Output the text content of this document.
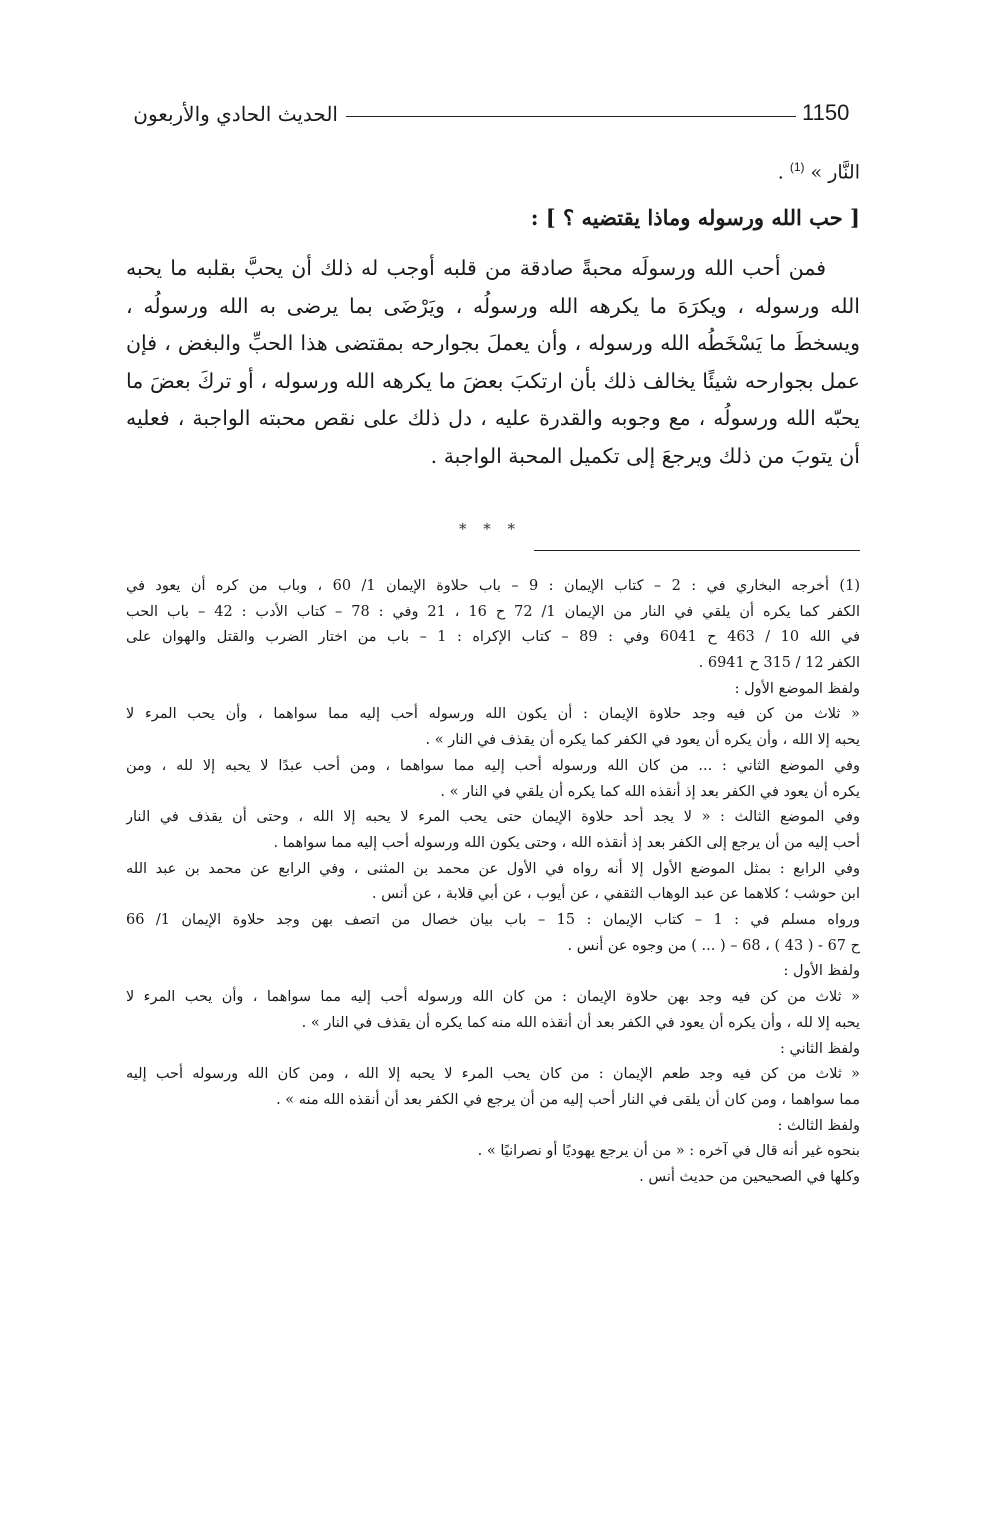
1150
الحديث الحادي والأربعون
النَّار » $^{(1)}$ .
[ حب الله ورسوله وماذا يقتضيه ؟ ] :

فمن أحب الله ورسولَه محبةً صادقة من قلبه أوجب له ذلك أن يحبَّ بقلبه ما يحبه الله ورسوله ، ويكرَهَ ما يكرهه الله ورسولُه ، ويَرْضَى بما يرضى به الله ورسولُه ، ويسخطَ ما يَسْخَطُه الله ورسوله ، وأن يعملَ بجوارحه بمقتضى هذا الحبِّ والبغض ، فإن عمل بجوارحه شيئًا يخالف ذلك بأن ارتكبَ بعضَ ما يكرهه الله ورسوله ، أو تركَ بعضَ ما يحبّه الله ورسولُه ، مع وجوبه والقدرة عليه ، دل ذلك على نقص محبته الواجبة ، فعليه أن يتوبَ من ذلك ويرجعَ إلى تكميل المحبة الواجبة .

* * *
(1) أخرجه البخاري في : 2 – كتاب الإيمان : 9 – باب حلاوة الإيمان 1/ 60 ، وباب من كره أن يعود في
الكفر كما يكره أن يلقي في النار من الإيمان 1/ 72 ح 16 ، 21 وفي : 78 – كتاب الأدب : 42 – باب الحب
في الله 10 / 463 ح 6041 وفي : 89 – كتاب الإكراه : 1 – باب من اختار الضرب والقتل والهوان على
الكفر 12 / 315 ح 6941 .
ولفظ الموضع الأول :
« ثلاث من كن فيه وجد حلاوة الإيمان : أن يكون الله ورسوله أحب إليه مما سواهما ، وأن يحب المرء لا
يحبه إلا الله ، وأن يكره أن يعود في الكفر كما يكره أن يقذف في النار » .
وفي الموضع الثاني : ... من كان الله ورسوله أحب إليه مما سواهما ، ومن أحب عبدًا لا يحبه إلا لله ، ومن
يكره أن يعود في الكفر بعد إذ أنقذه الله كما يكره أن يلقي في النار » .
وفي الموضع الثالث : « لا يجد أحد حلاوة الإيمان حتى يحب المرء لا يحبه إلا الله ، وحتى أن يقذف في النار
أحب إليه من أن يرجع إلى الكفر بعد إذ أنقذه الله ، وحتى يكون الله ورسوله أحب إليه مما سواهما .
وفي الرابع : بمثل الموضع الأول إلا أنه رواه في الأول عن محمد بن المثنى ، وفي الرابع عن محمد بن عبد الله
ابن حوشب ؛ كلاهما عن عبد الوهاب الثقفي ، عن أيوب ، عن أبي قلابة ، عن أنس .
ورواه مسلم في : 1 – كتاب الإيمان : 15 – باب بيان خصال من اتصف بهن وجد حلاوة الإيمان 1/ 66
ح 67 - ( 43 ) ، 68 – ( ... ) من وجوه عن أنس .
ولفظ الأول :
« ثلاث من كن فيه وجد بهن حلاوة الإيمان : من كان الله ورسوله أحب إليه مما سواهما ، وأن يحب المرء لا
يحبه إلا لله ، وأن يكره أن يعود في الكفر بعد أن أنقذه الله منه كما يكره أن يقذف في النار » .
ولفظ الثاني :
« ثلاث من كن فيه وجد طعم الإيمان : من كان يحب المرء لا يحبه إلا الله ، ومن كان الله ورسوله أحب إليه
مما سواهما ، ومن كان أن يلقى في النار أحب إليه من أن يرجع في الكفر بعد أن أنقذه الله منه » .
ولفظ الثالث :
بنحوه غير أنه قال في آخره : « من أن يرجع يهوديًا أو نصرانيًا » .
وكلها في الصحيحين من حديث أنس .
